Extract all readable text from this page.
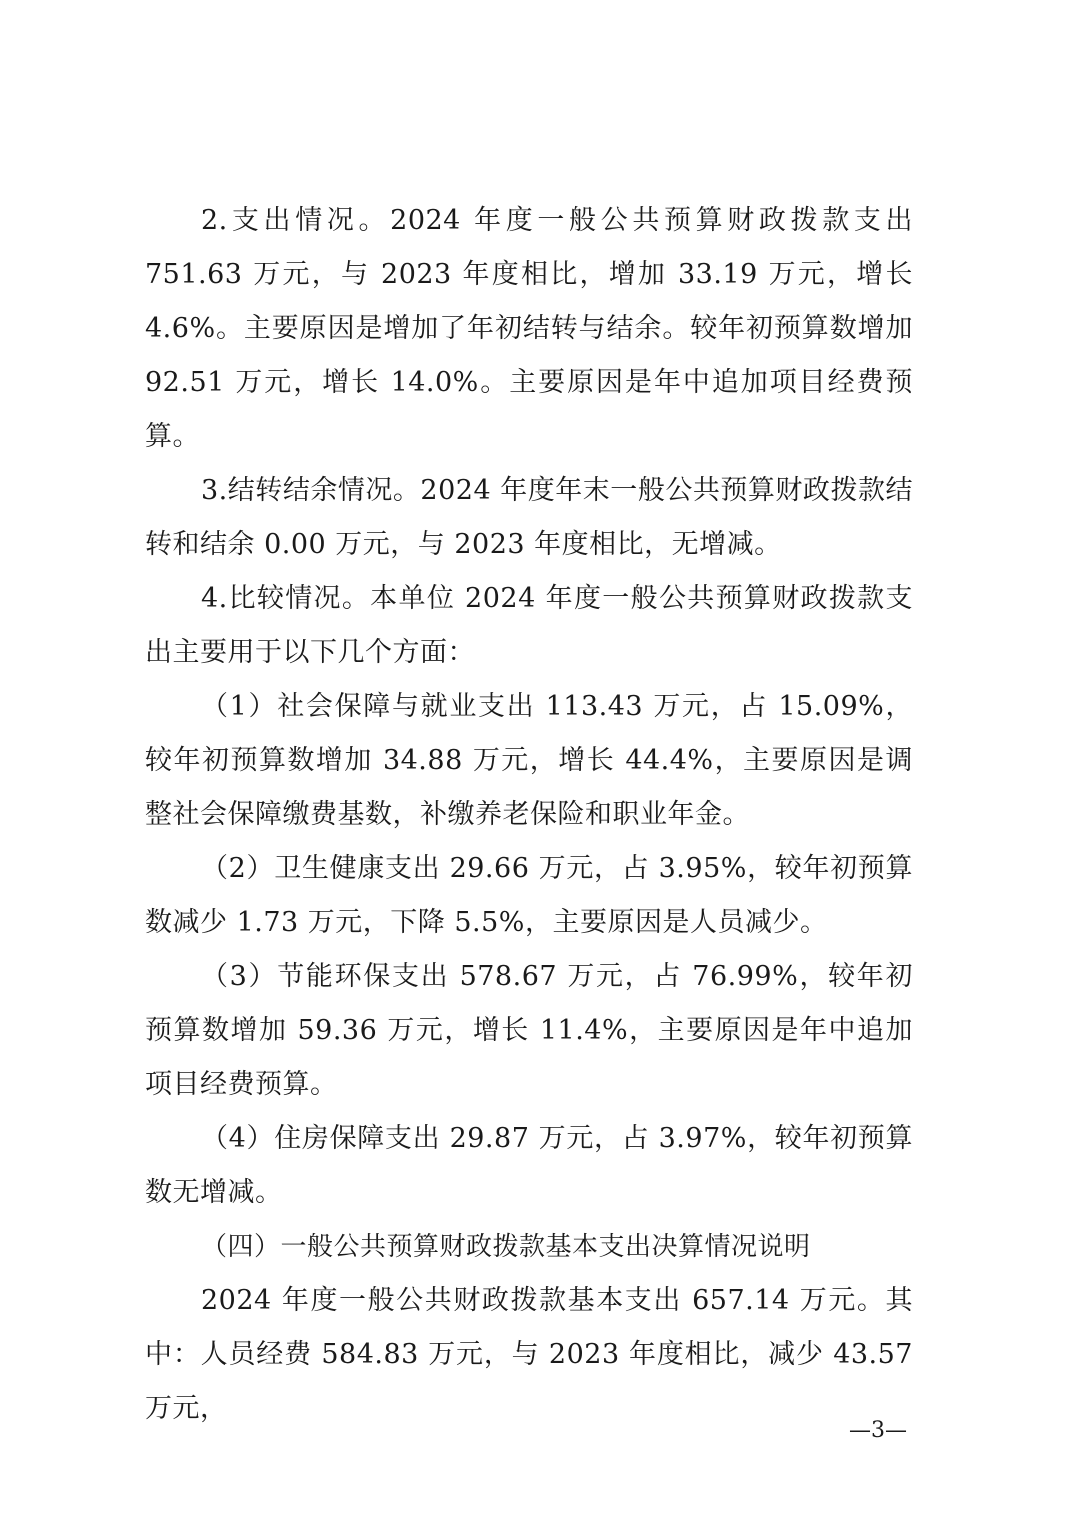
2.支出情况。2024 年度一般公共预算财政拨款支出 751.63 万元，与 2023 年度相比，增加 33.19 万元，增长 4.6%。主要原因是增加了年初结转与结余。较年初预算数增加 92.51 万元，增长 14.0%。主要原因是年中追加项目经费预算。

3.结转结余情况。2024 年度年末一般公共预算财政拨款结转和结余 0.00 万元，与 2023 年度相比，无增减。

4.比较情况。本单位 2024 年度一般公共预算财政拨款支出主要用于以下几个方面：

（1）社会保障与就业支出 113.43 万元，占 15.09%，较年初预算数增加 34.88 万元，增长 44.4%，主要原因是调整社会保障缴费基数，补缴养老保险和职业年金。

（2）卫生健康支出 29.66 万元，占 3.95%，较年初预算数减少 1.73 万元，下降 5.5%，主要原因是人员减少。

（3）节能环保支出 578.67 万元，占 76.99%，较年初预算数增加 59.36 万元，增长 11.4%，主要原因是年中追加项目经费预算。

（4）住房保障支出 29.87 万元，占 3.97%，较年初预算数无增减。

（四）一般公共预算财政拨款基本支出决算情况说明

2024 年度一般公共财政拨款基本支出 657.14 万元。其中：人员经费 584.83 万元，与 2023 年度相比，减少 43.57 万元，

—3—
